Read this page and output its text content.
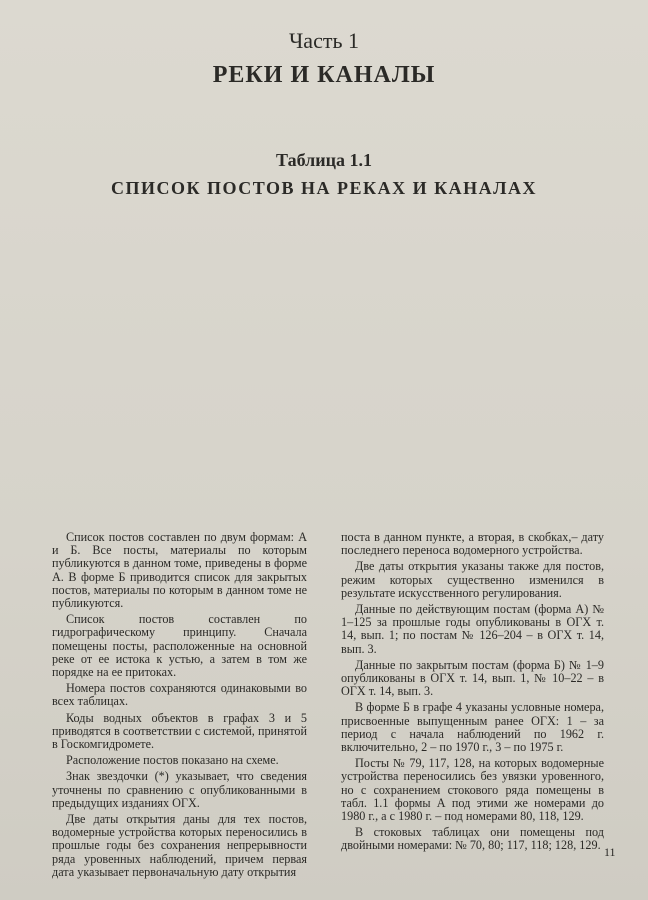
Часть 1
РЕКИ И КАНАЛЫ
Таблица 1.1
СПИСОК ПОСТОВ НА РЕКАХ И КАНАЛАХ

Список постов составлен по двум формам: А и Б. Все посты, материалы по которым публикуются в данном томе, приведены в форме А. В форме Б приводится список для закрытых постов, материалы по которым в данном томе не публикуются.

Список постов составлен по гидрографическому принципу. Сначала помещены посты, расположенные на основной реке от ее истока к устью, а затем в том же порядке на ее притоках.

Номера постов сохраняются одинаковыми во всех таблицах.

Коды водных объектов в графах 3 и 5 приводятся в соответствии с системой, принятой в Госкомгидромете.

Расположение постов показано на схеме.

Знак звездочки (*) указывает, что сведения уточнены по сравнению с опубликованными в предыдущих изданиях ОГХ.

Две даты открытия даны для тех постов, водомерные устройства которых переносились в прошлые годы без сохранения непрерывности ряда уровенных наблюдений, причем первая дата указывает первоначальную дату открытия

поста в данном пункте, а вторая, в скобках,– дату последнего переноса водомерного устройства.

Две даты открытия указаны также для постов, режим которых существенно изменился в результате искусственного регулирования.

Данные по действующим постам (форма А) № 1–125 за прошлые годы опубликованы в ОГХ т. 14, вып. 1; по постам № 126–204 – в ОГХ т. 14, вып. 3.

Данные по закрытым постам (форма Б) № 1–9 опубликованы в ОГХ т. 14, вып. 1, № 10–22 – в ОГХ т. 14, вып. 3.

В форме Б в графе 4 указаны условные номера, присвоенные выпущенным ранее ОГХ: 1 – за период с начала наблюдений по 1962 г. включительно, 2 – по 1970 г., 3 – по 1975 г.

Посты № 79, 117, 128, на которых водомерные устройства переносились без увязки уровенного, но с сохранением стокового ряда помещены в табл. 1.1 формы А под этими же номерами до 1980 г., а с 1980 г. – под номерами 80, 118, 129.

В стоковых таблицах они помещены под двойными номерами: № 70, 80; 117, 118; 128, 129. 11
